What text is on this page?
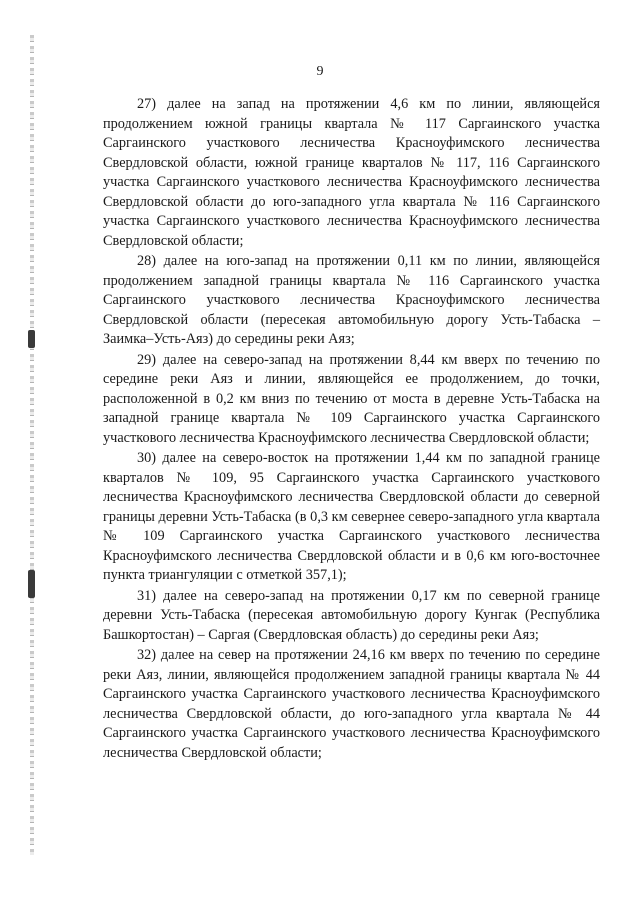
9

27) далее на запад на протяжении 4,6 км по линии, являющейся продолжением южной границы квартала № 117 Саргаинского участка Саргаинского участкового лесничества Красноуфимского лесничества Свердловской области, южной границе кварталов № 117, 116 Саргаинского участка Саргаинского участкового лесничества Красноуфимского лесничества Свердловской области до юго-западного угла квартала № 116 Саргаинского участка Саргаинского участкового лесничества Красноуфимского лесничества Свердловской области;

28) далее на юго-запад на протяжении 0,11 км по линии, являющейся продолжением западной границы квартала № 116 Саргаинского участка Саргаинского участкового лесничества Красноуфимского лесничества Свердловской области (пересекая автомобильную дорогу Усть-Табаска – Заимка–Усть-Аяз) до середины реки Аяз;

29) далее на северо-запад на протяжении 8,44 км вверх по течению по середине реки Аяз и линии, являющейся ее продолжением, до точки, расположенной в 0,2 км вниз по течению от моста в деревне Усть-Табаска на западной границе квартала № 109 Саргаинского участка Саргаинского участкового лесничества Красноуфимского лесничества Свердловской области;

30) далее на северо-восток на протяжении 1,44 км по западной границе кварталов № 109, 95 Саргаинского участка Саргаинского участкового лесничества Красноуфимского лесничества Свердловской области до северной границы деревни Усть-Табаска (в 0,3 км севернее северо-западного угла квартала № 109 Саргаинского участка Саргаинского участкового лесничества Красноуфимского лесничества Свердловской области и в 0,6 км юго-восточнее пункта триангуляции с отметкой 357,1);

31) далее на северо-запад на протяжении 0,17 км по северной границе деревни Усть-Табаска (пересекая автомобильную дорогу Кунгак (Республика Башкортостан) – Саргая (Свердловская область) до середины реки Аяз;

32) далее на север на протяжении 24,16 км вверх по течению по середине реки Аяз, линии, являющейся продолжением западной границы квартала № 44 Саргаинского участка Саргаинского участкового лесничества Красноуфимского лесничества Свердловской области, до юго-западного угла квартала № 44 Саргаинского участка Саргаинского участкового лесничества Красноуфимского лесничества Свердловской области;
